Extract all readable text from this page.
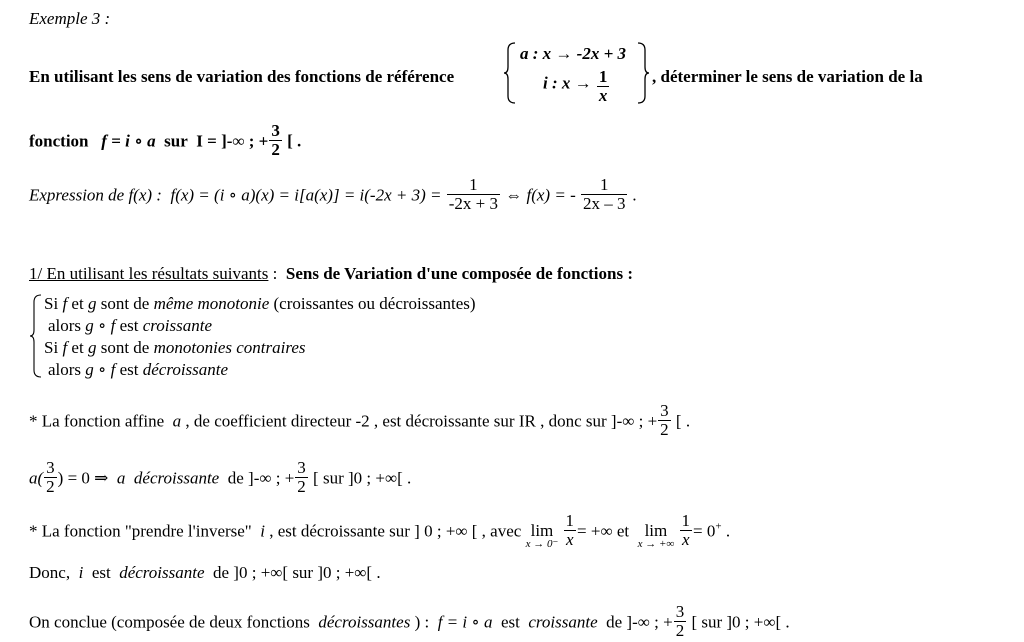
Exemple 3 :
En utilisant les sens de variation des fonctions de référence
a : x → -2x + 3
i : $x \to \frac{1}{x}$	, déterminer le sens de variation de la
fonction f = i ∘ a sur I = ]-∞ ; + $\frac{3}{2}$ [ .
Expression de f(x) : f(x) = (i ∘ $a)(x) = i[a(x)] = i(-2x + 3) = \frac{1}{-2x + 3}$ ⇔ f(x) = - $\frac{1}{2x - 3}$ .
1/ En utilisant les résultats suivants : Sens de Variation d'une composée de fonctions :
Si f et g sont de même monotonie (croissantes ou décroissantes)
alors g ∘ f est croissante
Si f et g sont de monotonies contraires
alors g ∘ f est décroissante
* La fonction affine a , de coefficient directeur -2 , est décroissante sur IR , donc sur ]-∞ ; + $\frac{3}{2}$ [ .
$a( \frac{3}{2}$ ) = 0 ⇒ a décroissante de ]-∞ ; + $\frac{3}{2}$ [ sur ]0 ; +∞[ .
* La fonction "prendre l'inverse" i , est décroissante sur ] 0 ; +∞ [ , avec lim
x → 0⁻
$\frac{1}{x}$ = +∞ et lim
x → +∞
$\frac{1}{x} = 0^+$ .
Donc, i est décroissante de ]0 ; +∞[ sur ]0 ; +∞[ .
On conclue (composée de deux fonctions décroissantes ) : f = i ∘ a est croissante de ]-∞ ; + $\frac{3}{2}$ [ sur ]0 ; +∞[ .
